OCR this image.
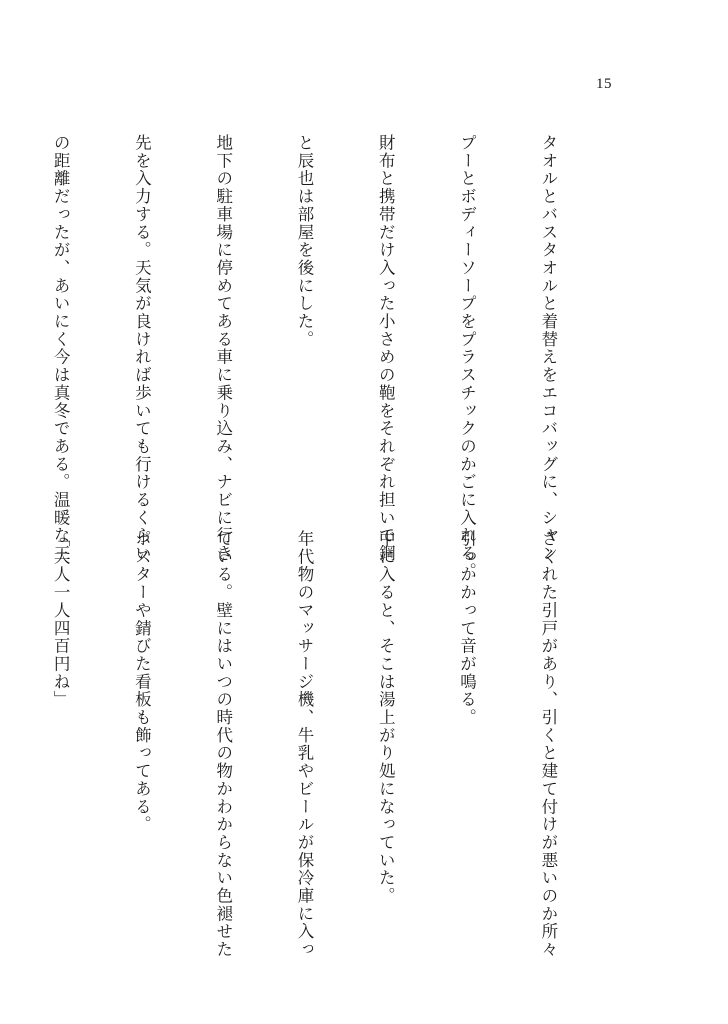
15

タオルとバスタオルと着替えをエコバッグに、シャン

プーとボディーソープをプラスチックのかごに入れる。

財布と携帯だけ入った小さめの鞄をそれぞれ担いで鋼

と辰也は部屋を後にした。

地下の駐車場に停めてある車に乗り込み、ナビに行き

先を入力する。天気が良ければ歩いても行けるくらい

の距離だったが、あいにく今は真冬である。温暖な三

さくれた引戸があり、引くと建て付けが悪いのか所々

引っかかって音が鳴る。

中に入ると、そこは湯上がり処になっていた。

年代物のマッサージ機、牛乳やビールが保冷庫に入っ

ている。壁にはいつの時代の物かわからない色褪せた

ポスターや錆びた看板も飾ってある。

「大人一人四百円ね」
